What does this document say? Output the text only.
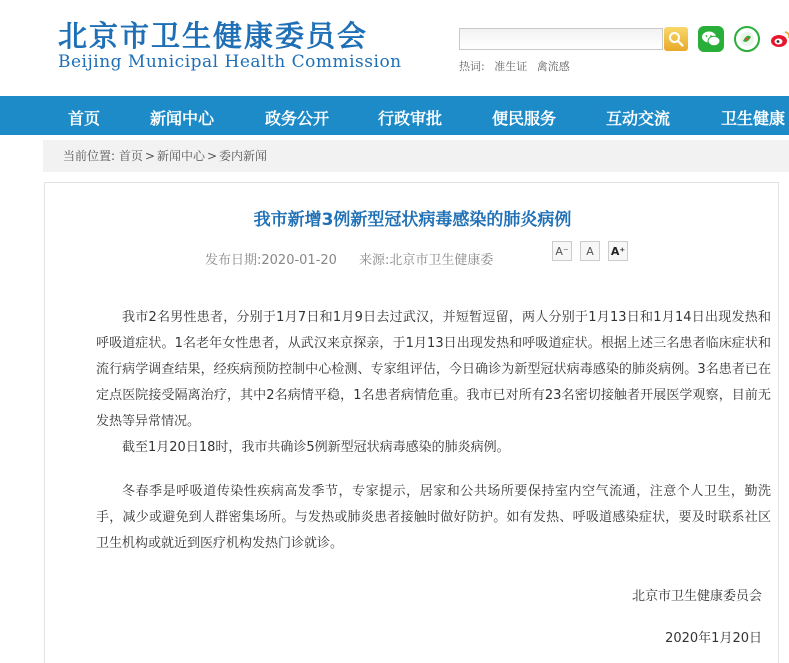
北京市卫生健康委员会
Beijing Municipal Health Commission	热词: 准生证 禽流感
首页	新闻中心	政务公开	行政审批	便民服务	互动交流	卫生健康
当前位置: 首页 > 新闻中心 > 委内新闻
我市新增3例新型冠状病毒感染的肺炎病例
发布日期:2020-01-20 来源:北京市卫生健康委
A⁻	A	A⁺

我市2名男性患者，分别于1月7日和1月9日去过武汉，并短暂逗留，两人分别于1月13日和1月14日出现发热和呼吸道症状。1名老年女性患者，从武汉来京探亲，于1月13日出现发热和呼吸道症状。根据上述三名患者临床症状和流行病学调查结果，经疾病预防控制中心检测、专家组评估，今日确诊为新型冠状病毒感染的肺炎病例。3名患者已在定点医院接受隔离治疗，其中2名病情平稳，1名患者病情危重。我市已对所有23名密切接触者开展医学观察，目前无发热等异常情况。

截至1月20日18时，我市共确诊5例新型冠状病毒感染的肺炎病例。

冬春季是呼吸道传染性疾病高发季节，专家提示，居家和公共场所要保持室内空气流通，注意个人卫生，勤洗手，减少或避免到人群密集场所。与发热或肺炎患者接触时做好防护。如有发热、呼吸道感染症状，要及时联系社区卫生机构或就近到医疗机构发热门诊就诊。

北京市卫生健康委员会
2020年1月20日
